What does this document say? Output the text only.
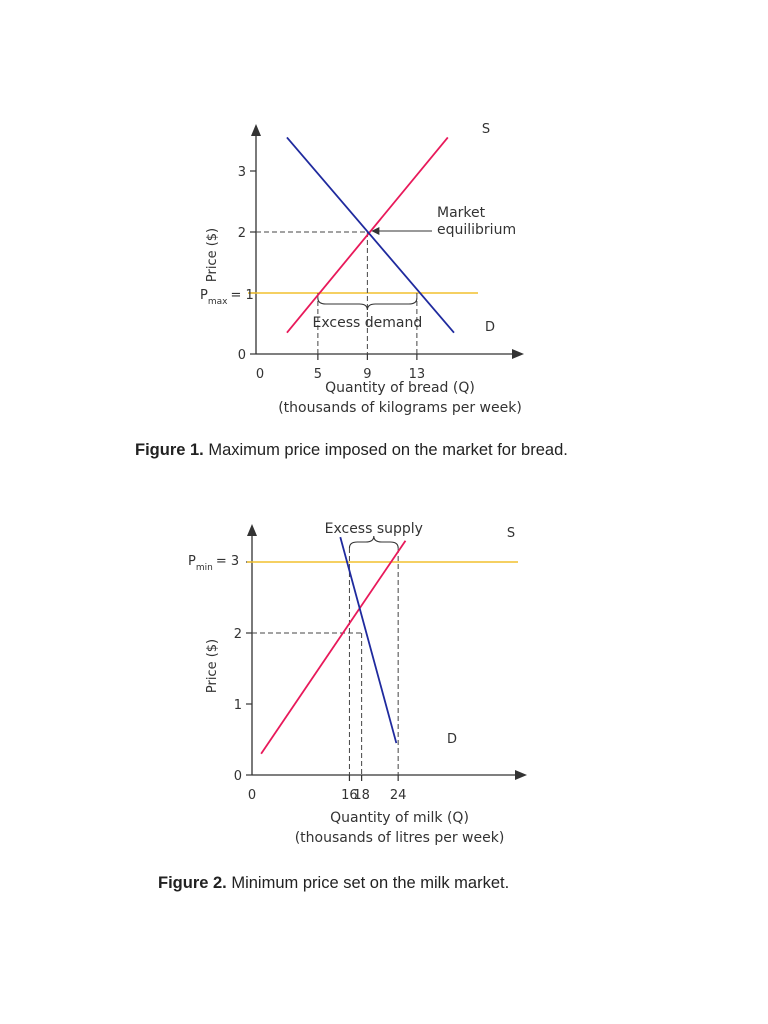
0
2
3
0	5	9	13
Quantity of bread (Q)
(thousands of kilograms per week)
Price ($)
$P_{max} = 1$
S
D
Excess demand
Market
equilibrium
0
1
2
0	16
18 24
Quantity of milk (Q)
(thousands of litres per week)
Price ($)
$P_{min} = 3$
S
D
Excess supply
Figure 1. Maximum price imposed on the market for bread.
Figure 2. Minimum price set on the milk market.
